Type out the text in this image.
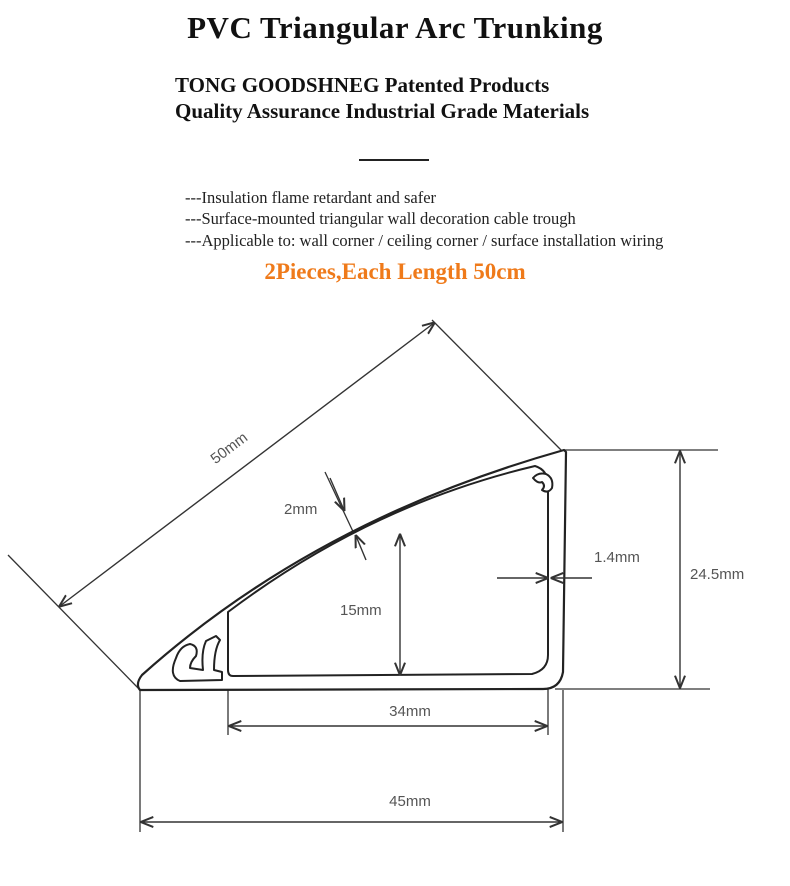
PVC Triangular Arc Trunking
TONG GOODSHNEG Patented Products
Quality Assurance Industrial Grade Materials
---Insulation flame retardant and safer
---Surface-mounted triangular wall decoration cable trough
---Applicable to: wall corner / ceiling corner / surface installation wiring
2Pieces,Each Length 50cm
50mm
2mm
15mm
1.4mm
24.5mm
34mm
45mm
